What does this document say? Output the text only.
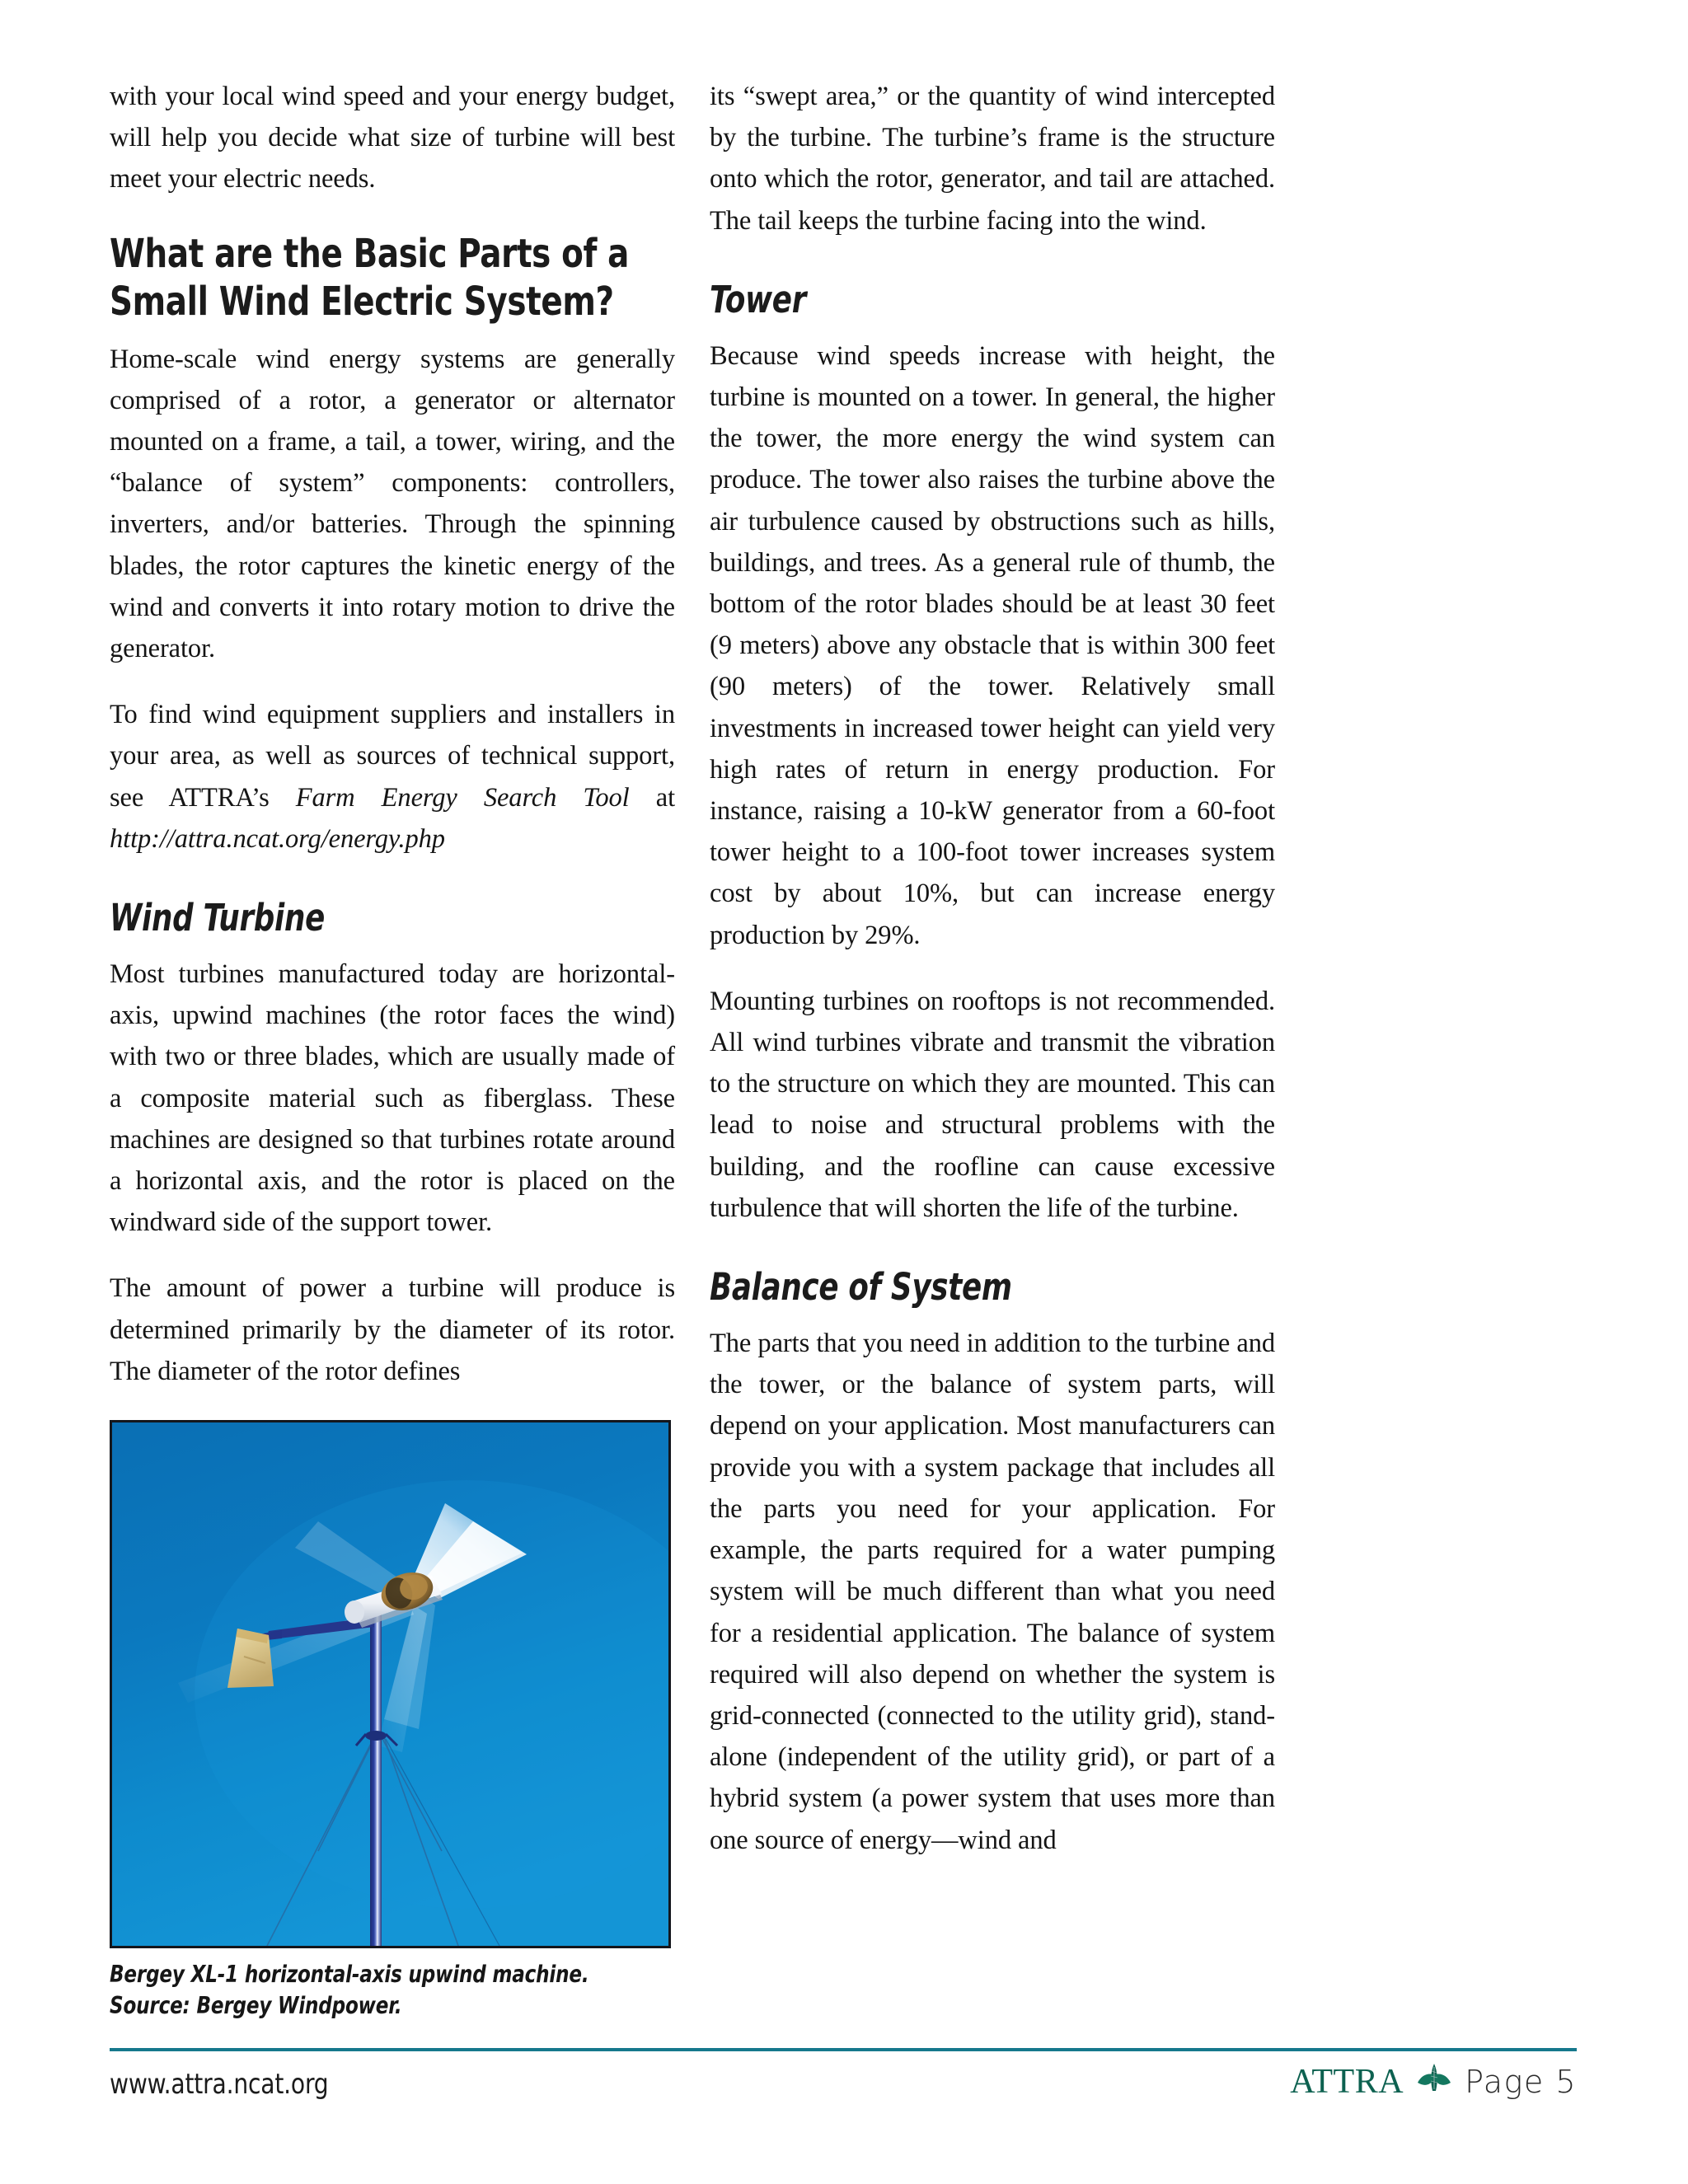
with your local wind speed and your energy budget, will help you decide what size of turbine will best meet your electric needs.

What are the Basic Parts of a Small Wind Electric System?

Home-scale wind energy systems are generally comprised of a rotor, a generator or alternator mounted on a frame, a tail, a tower, wiring, and the “balance of system” components: controllers, inverters, and/or batteries. Through the spinning blades, the rotor captures the kinetic energy of the wind and converts it into rotary motion to drive the generator.

To find wind equipment suppliers and installers in your area, as well as sources of technical support, see ATTRA’s Farm Energy Search Tool at http://attra.ncat.org/energy.php

Wind Turbine

Most turbines manufactured today are horizontal-axis, upwind machines (the rotor faces the wind) with two or three blades, which are usually made of a composite material such as fiberglass. These machines are designed so that turbines rotate around a horizontal axis, and the rotor is placed on the windward side of the support tower.

The amount of power a turbine will produce is determined primarily by the diameter of its rotor. The diameter of the rotor defines

Bergey XL-1 horizontal-axis upwind machine.
Source: Bergey Windpower.

its “swept area,” or the quantity of wind intercepted by the turbine. The turbine’s frame is the structure onto which the rotor, generator, and tail are attached. The tail keeps the turbine facing into the wind.

Tower

Because wind speeds increase with height, the turbine is mounted on a tower. In general, the higher the tower, the more energy the wind system can produce. The tower also raises the turbine above the air turbulence caused by obstructions such as hills, buildings, and trees. As a general rule of thumb, the bottom of the rotor blades should be at least 30 feet (9 meters) above any obstacle that is within 300 feet (90 meters) of the tower. Relatively small investments in increased tower height can yield very high rates of return in energy production. For instance, raising a 10-kW generator from a 60-foot tower height to a 100-foot tower increases system cost by about 10%, but can increase energy production by 29%.

Mounting turbines on rooftops is not recommended. All wind turbines vibrate and transmit the vibration to the structure on which they are mounted. This can lead to noise and structural problems with the building, and the roofline can cause excessive turbulence that will shorten the life of the turbine.

Balance of System

The parts that you need in addition to the turbine and the tower, or the balance of system parts, will depend on your application. Most manufacturers can provide you with a system package that includes all the parts you need for your application. For example, the parts required for a water pumping system will be much different than what you need for a residential application. The balance of system required will also depend on whether the system is grid-connected (connected to the utility grid), stand-alone (independent of the utility grid), or part of a hybrid system (a power system that uses more than one source of energy—wind and

www.attra.ncat.org	ATTRA Page 5
